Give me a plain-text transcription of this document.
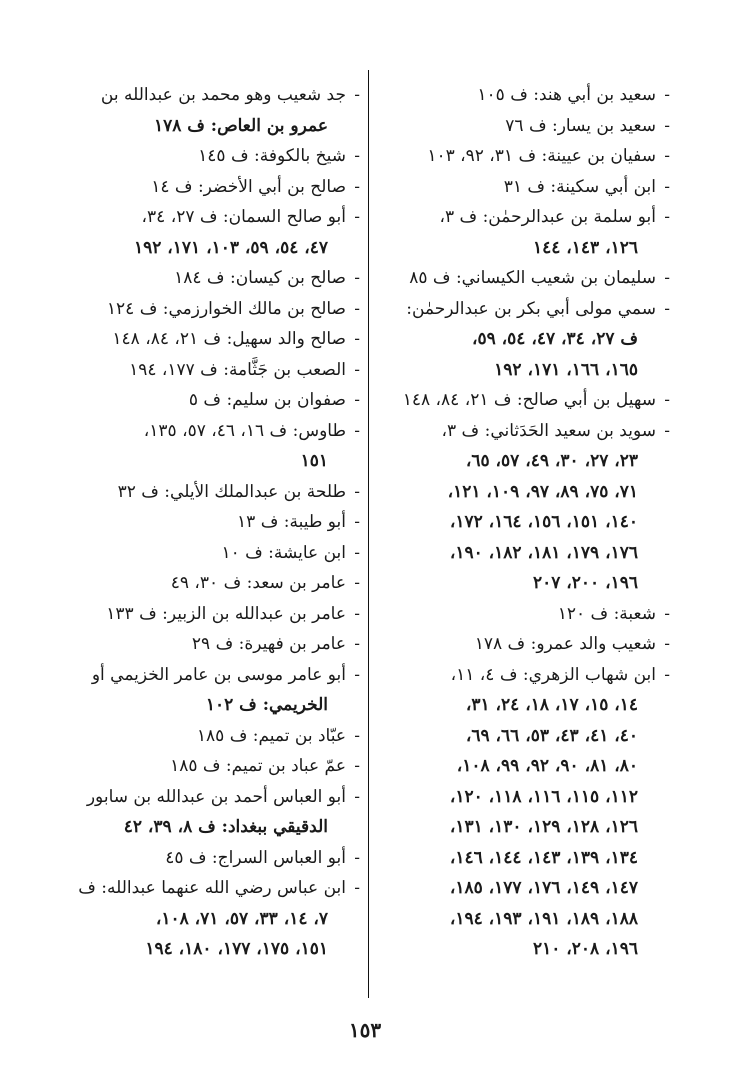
-
سعيد بن أبي هند: ف ١٠٥
-
سعيد بن يسار: ف ٧٦
-
سفيان بن عيينة: ف ٣١، ٩٢، ١٠٣
-
ابن أبي سكينة: ف ٣١
-
أبو سلمة بن عبدالرحمٰن: ف ٣،
١٢٦، ١٤٣، ١٤٤
-
سليمان بن شعيب الكيساني: ف ٨٥
-
سمي مولى أبي بكر بن عبدالرحمٰن:
ف ٢٧، ٣٤، ٤٧، ٥٤، ٥٩،
١٦٥، ١٦٦، ١٧١، ١٩٢
-
سهيل بن أبي صالح: ف ٢١، ٨٤، ١٤٨
-
سويد بن سعيد الحَدَثاني: ف ٣،
٢٣، ٢٧، ٣٠، ٤٩، ٥٧، ٦٥،
٧١، ٧٥، ٨٩، ٩٧، ١٠٩، ١٢١،
١٤٠، ١٥١، ١٥٦، ١٦٤، ١٧٢،
١٧٦، ١٧٩، ١٨١، ١٨٢، ١٩٠،
١٩٦، ٢٠٠، ٢٠٧
-
شعبة: ف ١٢٠
-
شعيب والد عمرو: ف ١٧٨
-
ابن شهاب الزهري: ف ٤، ١١،
١٤، ١٥، ١٧، ١٨، ٢٤، ٣١،
٤٠، ٤١، ٤٣، ٥٣، ٦٦، ٦٩،
٨٠، ٨١، ٩٠، ٩٢، ٩٩، ١٠٨،
١١٢، ١١٥، ١١٦، ١١٨، ١٢٠،
١٢٦، ١٢٨، ١٢٩، ١٣٠، ١٣١،
١٣٤، ١٣٩، ١٤٣، ١٤٤، ١٤٦،
١٤٧، ١٤٩، ١٧٦، ١٧٧، ١٨٥،
١٨٨، ١٨٩، ١٩١، ١٩٣، ١٩٤،
١٩٦، ٢٠٨، ٢١٠
-
جد شعيب وهو محمد بن عبدالله بن
عمرو بن العاص: ف ١٧٨
-
شيخ بالكوفة: ف ١٤٥
-
صالح بن أبي الأخضر: ف ١٤
-
أبو صالح السمان: ف ٢٧، ٣٤،
٤٧، ٥٤، ٥٩، ١٠٣، ١٧١، ١٩٢
-
صالح بن كيسان: ف ١٨٤
-
صالح بن مالك الخوارزمي: ف ١٢٤
-
صالح والد سهيل: ف ٢١، ٨٤، ١٤٨
-
الصعب بن جَثَّامة: ف ١٧٧، ١٩٤
-
صفوان بن سليم: ف ٥
-
طاوس: ف ١٦، ٤٦، ٥٧، ١٣٥،
١٥١
-
طلحة بن عبدالملك الأيلي: ف ٣٢
-
أبو طيبة: ف ١٣
-
ابن عايشة: ف ١٠
-
عامر بن سعد: ف ٣٠، ٤٩
-
عامر بن عبدالله بن الزبير: ف ١٣٣
-
عامر بن فهيرة: ف ٢٩
-
أبو عامر موسى بن عامر الخزيمي أو
الخريمي: ف ١٠٢
-
عبّاد بن تميم: ف ١٨٥
-
عمّ عباد بن تميم: ف ١٨٥
-
أبو العباس أحمد بن عبدالله بن سابور
الدقيقي ببغداد: ف ٨، ٣٩، ٤٢
-
أبو العباس السراج: ف ٤٥
-
ابن عباس رضي الله عنهما عبدالله: ف
٧، ١٤، ٣٣، ٥٧، ٧١، ١٠٨،
١٥١، ١٧٥، ١٧٧، ١٨٠، ١٩٤
١٥٣
